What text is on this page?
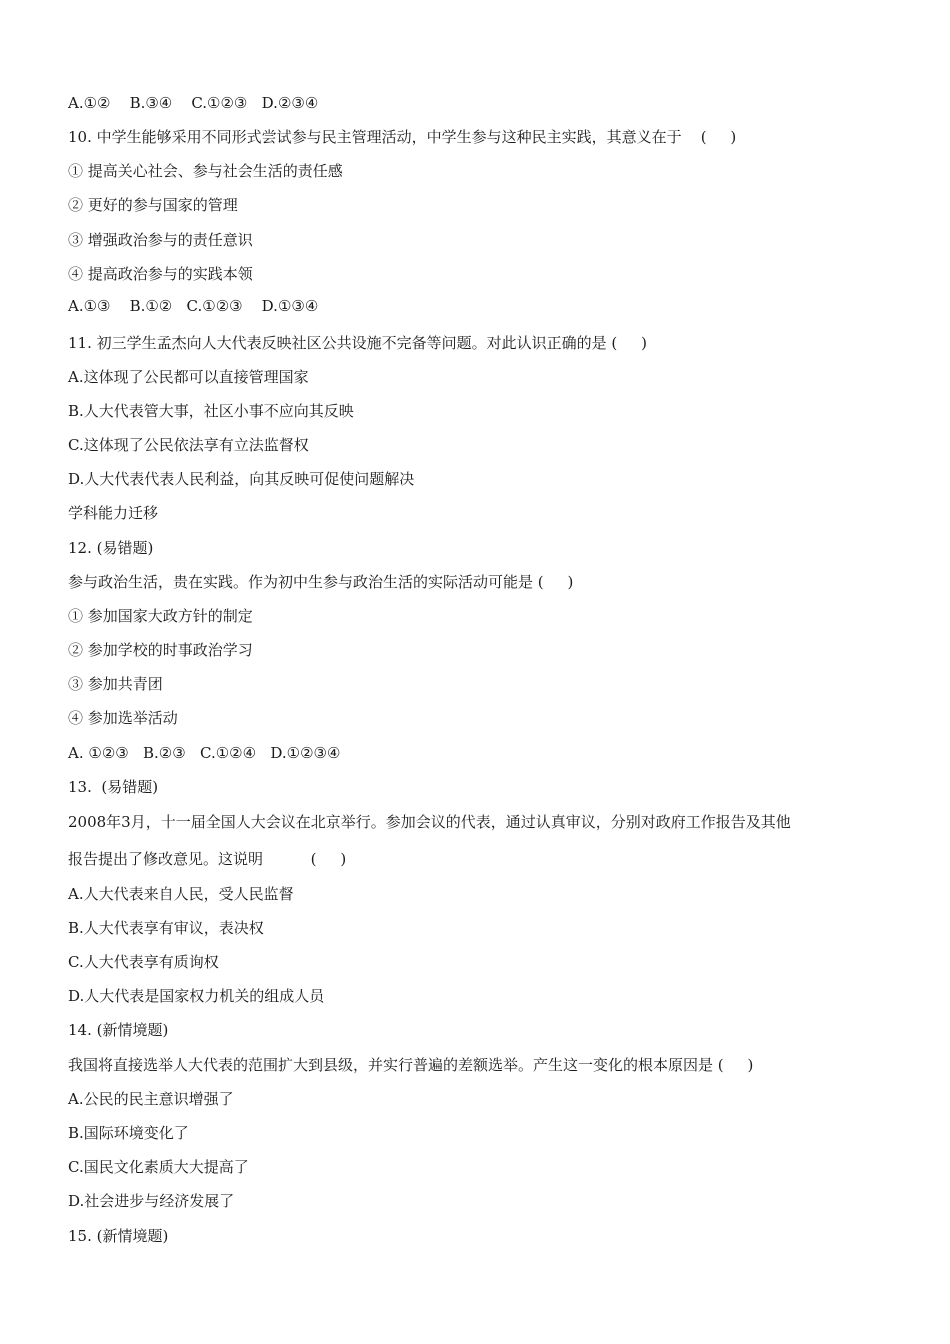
A.①②    B.③④    C.①②③   D.②③④
10. 中学生能够采用不同形式尝试参与民主管理活动，中学生参与这种民主实践，其意义在于    (     )
① 提高关心社会、参与社会生活的责任感
② 更好的参与国家的管理
③ 增强政治参与的责任意识
④ 提高政治参与的实践本领
A.①③    B.①②   C.①②③    D.①③④
11. 初三学生孟杰向人大代表反映社区公共设施不完备等问题。对此认识正确的是 (     )
A.这体现了公民都可以直接管理国家
B.人大代表管大事，社区小事不应向其反映
C.这体现了公民依法享有立法监督权
D.人大代表代表人民利益，向其反映可促使问题解决
学科能力迁移
12. (易错题)
参与政治生活，贵在实践。作为初中生参与政治生活的实际活动可能是 (     )
① 参加国家大政方针的制定
② 参加学校的时事政治学习
③ 参加共青团
④ 参加选举活动
A. ①②③   B.②③   C.①②④   D.①②③④
13.  (易错题)
2008年3月，十一届全国人大会议在北京举行。参加会议的代表，通过认真审议，分别对政府工作报告及其他
报告提出了修改意见。这说明          (     )
A.人大代表来自人民，受人民监督
B.人大代表享有审议，表决权
C.人大代表享有质询权
D.人大代表是国家权力机关的组成人员
14. (新情境题)
我国将直接选举人大代表的范围扩大到县级，并实行普遍的差额选举。产生这一变化的根本原因是 (     )
A.公民的民主意识增强了
B.国际环境变化了
C.国民文化素质大大提高了
D.社会进步与经济发展了
15. (新情境题)
